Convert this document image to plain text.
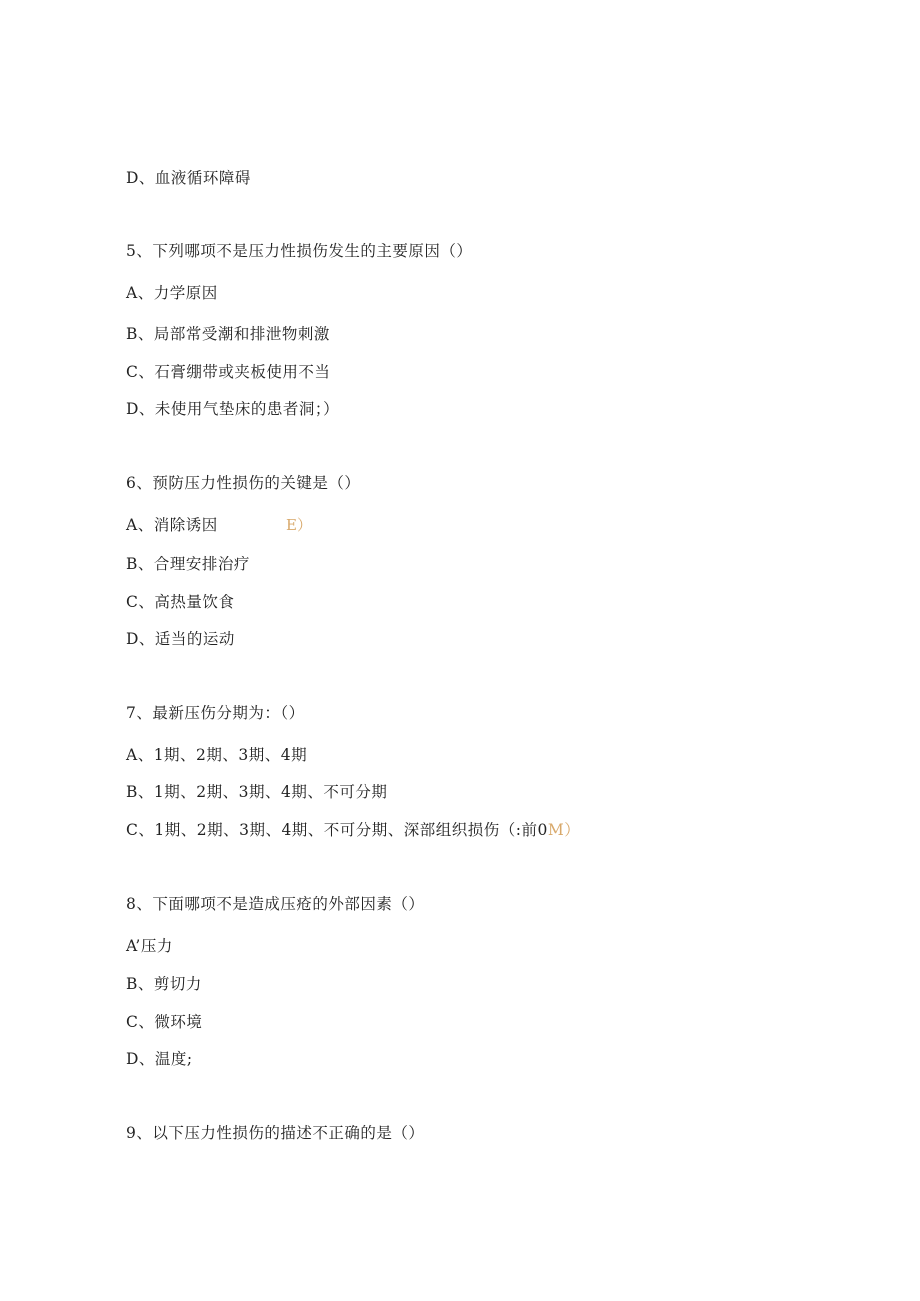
D、血液循环障碍
5、下列哪项不是压力性损伤发生的主要原因（）
A、力学原因
B、局部常受潮和排泄物刺激
C、石膏绷带或夹板使用不当
D、未使用气垫床的患者洞；）
6、预防压力性损伤的关键是（）
A、消除诱因	E）
B、合理安排治疗
C、高热量饮食
D、适当的运动
7、最新压伤分期为：（）
A、1期、2期、3期、4期
B、1期、2期、3期、4期、不可分期
C、1期、2期、3期、4期、不可分期、深部组织损伤（:前0M）
8、下面哪项不是造成压疮的外部因素（）
A’压力
B、剪切力
C、微环境
D、温度;
9、以下压力性损伤的描述不正确的是（）
